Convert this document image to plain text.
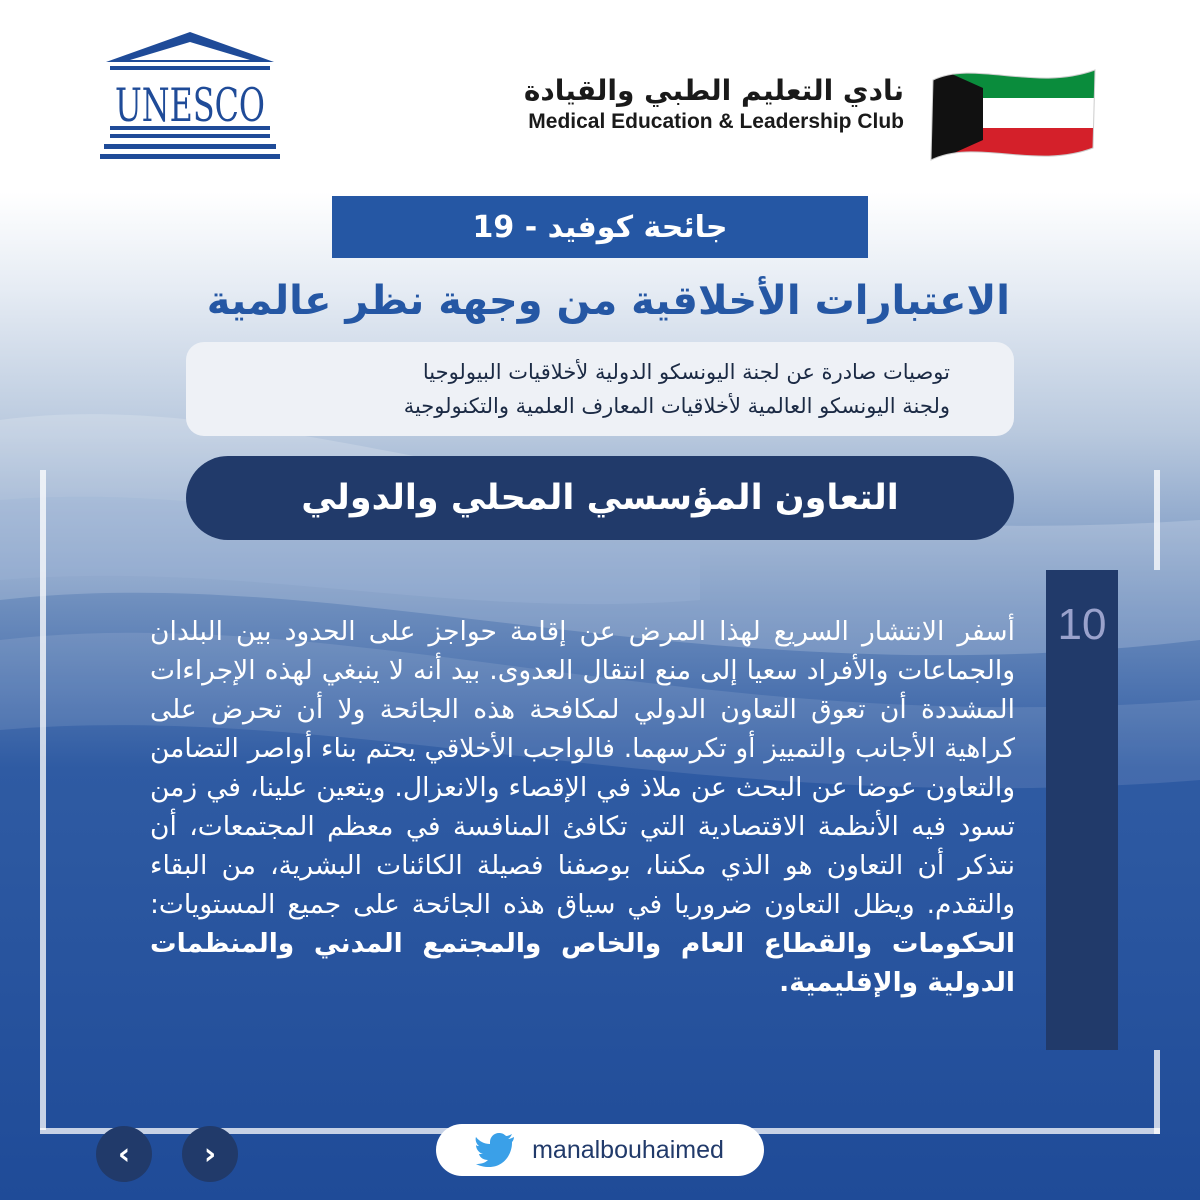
UNESCO	نادي التعليم الطبي والقيادة
Medical Education & Leadership Club
جائحة كوفيد - 19
الاعتبارات الأخلاقية من وجهة نظر عالمية
توصيات صادرة عن لجنة اليونسكو الدولية لأخلاقيات البيولوجيا
ولجنة اليونسكو العالمية لأخلاقيات المعارف العلمية والتكنولوجية
التعاون المؤسسي المحلي والدولي
10
أسفر الانتشار السريع لهذا المرض عن إقامة حواجز على الحدود بين البلدان والجماعات والأفراد سعيا إلى منع انتقال العدوى. بيد أنه لا ينبغي لهذه الإجراءات المشددة أن تعوق التعاون الدولي لمكافحة هذه الجائحة ولا أن تحرض على كراهية الأجانب والتمييز أو تكرسهما. فالواجب الأخلاقي يحتم بناء أواصر التضامن والتعاون عوضا عن البحث عن ملاذ في الإقصاء والانعزال. ويتعين علينا، في زمن تسود فيه الأنظمة الاقتصادية التي تكافئ المنافسة في معظم المجتمعات، أن نتذكر أن التعاون هو الذي مكننا، بوصفنا فصيلة الكائنات البشرية، من البقاء والتقدم. ويظل التعاون ضروريا في سياق هذه الجائحة على جميع المستويات: الحكومات والقطاع العام والخاص والمجتمع المدني والمنظمات الدولية والإقليمية.
‹ ›	manalbouhaimed
